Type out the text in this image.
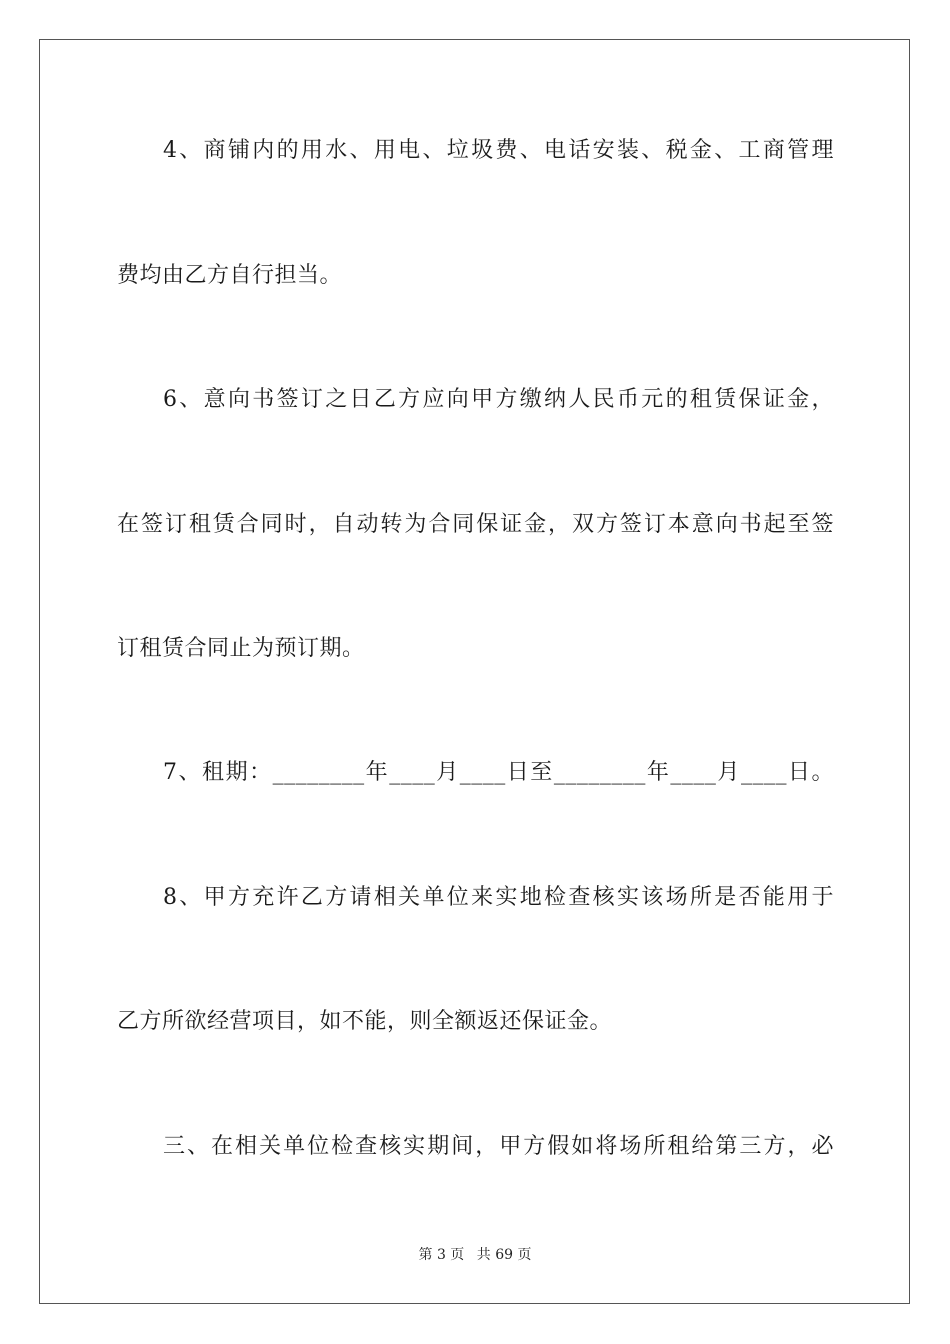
4、商铺内的用水、用电、垃圾费、电话安装、税金、工商管理
费均由乙方自行担当。
6、意向书签订之日乙方应向甲方缴纳人民币元的租赁保证金，
在签订租赁合同时，自动转为合同保证金，双方签订本意向书起至签
订租赁合同止为预订期。
7、租期：________年____月____日至________年____月____日。
8、甲方充许乙方请相关单位来实地检查核实该场所是否能用于
乙方所欲经营项目，如不能，则全额返还保证金。
三、在相关单位检查核实期间，甲方假如将场所租给第三方，必
第 3 页 共 69 页
